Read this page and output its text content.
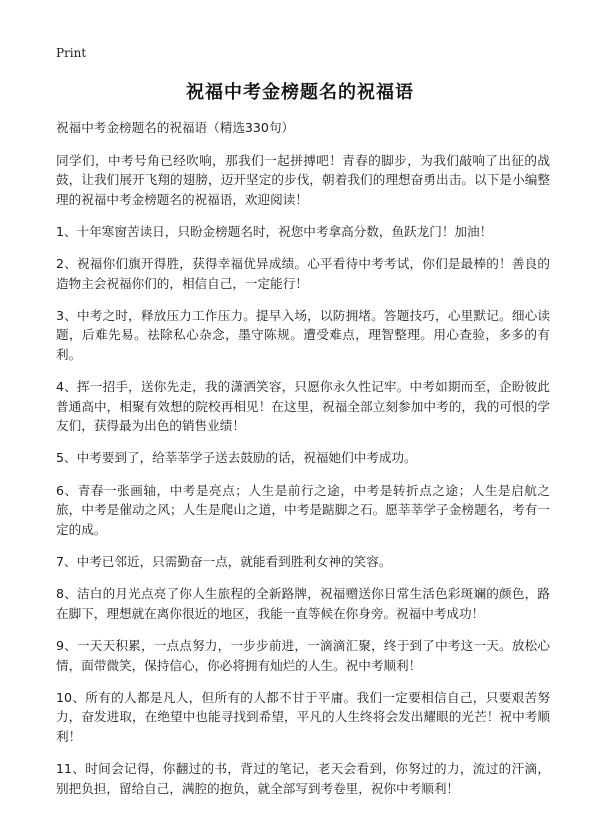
Print
祝福中考金榜题名的祝福语

祝福中考金榜题名的祝福语（精选330句）

同学们，中考号角已经吹响，那我们一起拼搏吧！青春的脚步，为我们敲响了出征的战鼓，让我们展开飞翔的翅膀，迈开坚定的步伐，朝着我们的理想奋勇出击。以下是小编整理的祝福中考金榜题名的祝福语，欢迎阅读！

1、十年寒窗苦读日，只盼金榜题名时，祝您中考拿高分数，鱼跃龙门！加油！

2、祝福你们旗开得胜，获得幸福优异成绩。心平看待中考考试，你们是最棒的！善良的造物主会祝福你们的，相信自己，一定能行！

3、中考之时，释放压力工作压力。提早入场，以防拥堵。答题技巧，心里默记。细心读题，后难先易。祛除私心杂念，墨守陈规。遭受难点，理智整理。用心查验，多多的有利。

4、挥一招手，送你先走，我的潇洒笑容，只愿你永久性记牢。中考如期而至，企盼彼此普通高中，相聚有效想的院校再相见！在这里，祝福全部立刻参加中考的，我的可恨的学友们，获得最为出色的销售业绩！

5、中考要到了，给莘莘学子送去鼓励的话，祝福她们中考成功。

6、青春一张画轴，中考是亮点；人生是前行之途，中考是转折点之途；人生是启航之旅，中考是催动之风；人生是爬山之道，中考是踮脚之石。愿莘莘学子金榜题名，考有一定的成。

7、中考已邻近，只需勤奋一点，就能看到胜利女神的笑容。

8、洁白的月光点亮了你人生旅程的全新路牌，祝福赠送你日常生活色彩斑斓的颜色，路在脚下，理想就在离你很近的地区，我能一直等候在你身旁。祝福中考成功！

9、一天天积累，一点点努力，一步步前进，一滴滴汇聚，终于到了中考这一天。放松心情，面带微笑，保持信心，你必将拥有灿烂的人生。祝中考顺利！

10、所有的人都是凡人，但所有的人都不甘于平庸。我们一定要相信自己，只要艰苦努力，奋发进取，在绝望中也能寻找到希望，平凡的人生终将会发出耀眼的光芒！祝中考顺利！

11、时间会记得，你翻过的书，背过的笔记，老天会看到，你努过的力，流过的汗滴，别把负担，留给自己，满腔的抱负，就全部写到考卷里，祝你中考顺利！
